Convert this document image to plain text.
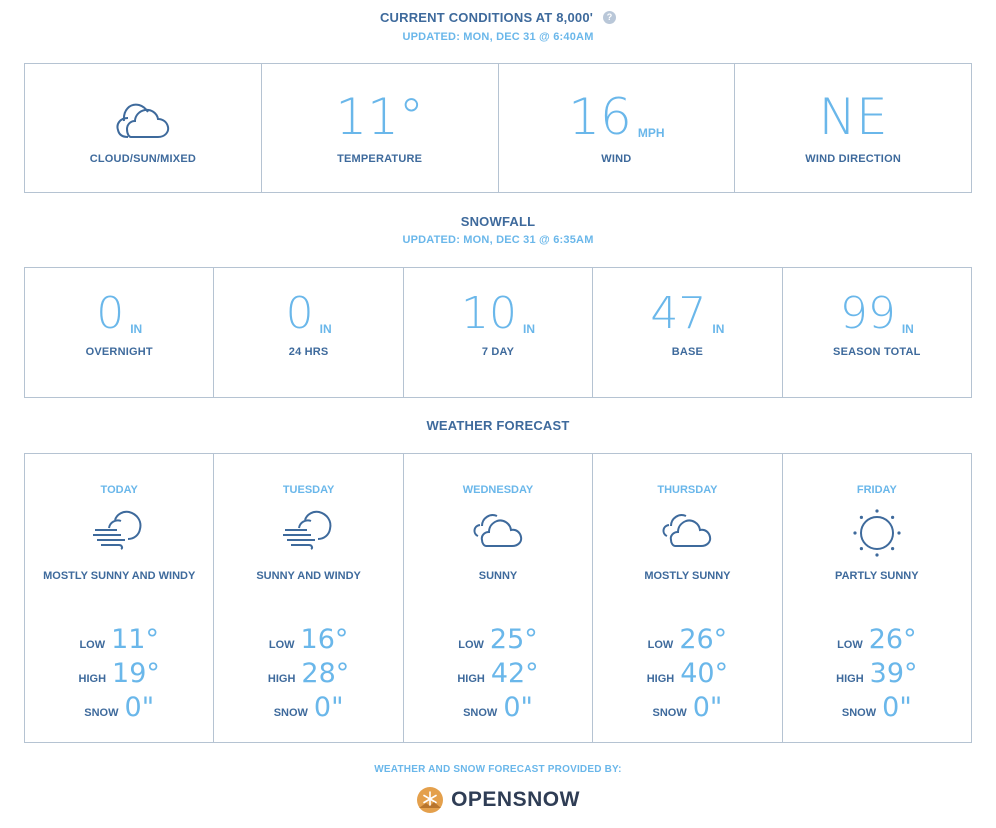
CURRENT CONDITIONS AT 8,000' ?
UPDATED: MON, DEC 31 @ 6:40AM
CLOUD/SUN/MIXED
11°
TEMPERATURE
16 MPH
WIND
NE
WIND DIRECTION
SNOWFALL
UPDATED: MON, DEC 31 @ 6:35AM
0 IN
OVERNIGHT
0 IN
24 HRS
10 IN
7 DAY
47 IN
BASE
99 IN
SEASON TOTAL
WEATHER FORECAST
TODAY
MOSTLY SUNNY AND WINDY
LOW 11°
HIGH 19°
SNOW 0"
TUESDAY
SUNNY AND WINDY
LOW 16°
HIGH 28°
SNOW 0"
WEDNESDAY
SUNNY
LOW 25°
HIGH 42°
SNOW 0"
THURSDAY
MOSTLY SUNNY
LOW 26°
HIGH 40°
SNOW 0"
FRIDAY
PARTLY SUNNY
LOW 26°
HIGH 39°
SNOW 0"
WEATHER AND SNOW FORECAST PROVIDED BY:
OPENSNOW
